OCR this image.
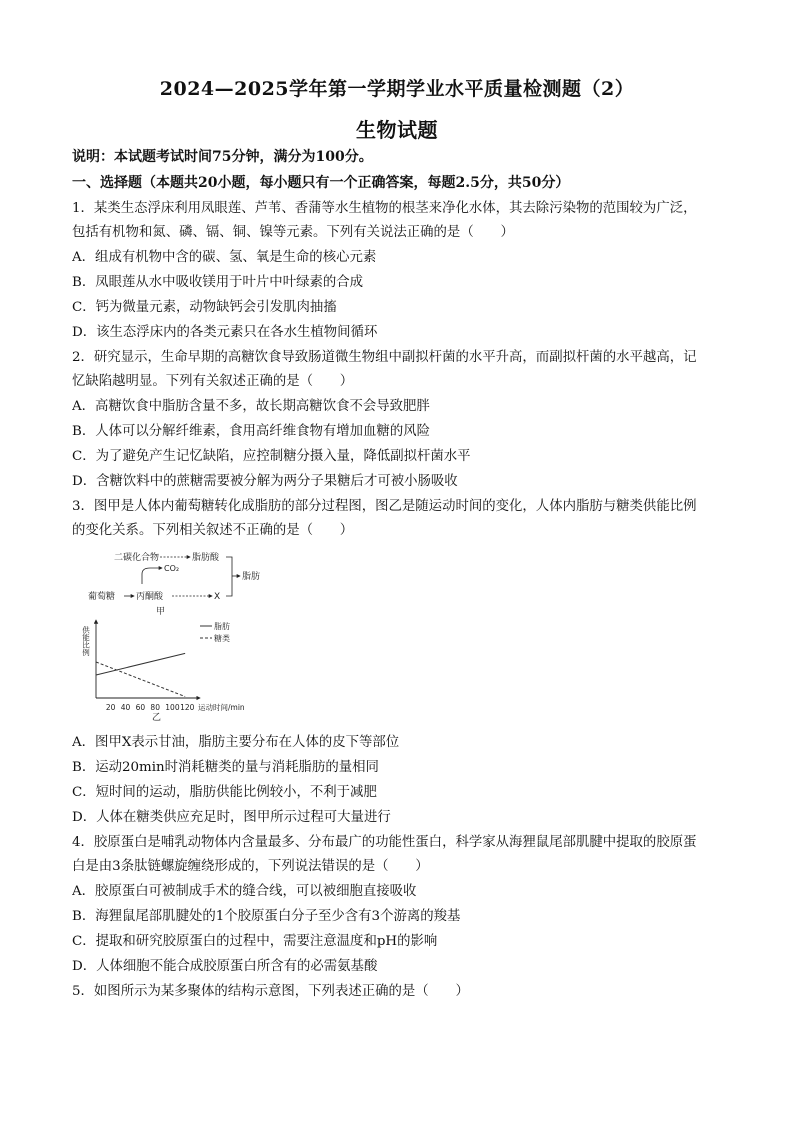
2024—2025学年第一学期学业水平质量检测题（2）
生物试题
说明：本试题考试时间75分钟，满分为100分。
一、选择题（本题共20小题，每小题只有一个正确答案，每题2.5分，共50分）
1．某类生态浮床利用凤眼莲、芦苇、香蒲等水生植物的根茎来净化水体，其去除污染物的范围较为广泛，
包括有机物和氮、磷、镉、铜、镍等元素。下列有关说法正确的是（　　）
A．组成有机物中含的碳、氢、氧是生命的核心元素
B．凤眼莲从水中吸收镁用于叶片中叶绿素的合成
C．钙为微量元素，动物缺钙会引发肌肉抽搐
D．该生态浮床内的各类元素只在各水生植物间循环
2．研究显示，生命早期的高糖饮食导致肠道微生物组中副拟杆菌的水平升高，而副拟杆菌的水平越高，记
忆缺陷越明显。下列有关叙述正确的是（　　）
A．高糖饮食中脂肪含量不多，故长期高糖饮食不会导致肥胖
B．人体可以分解纤维素，食用高纤维食物有增加血糖的风险
C．为了避免产生记忆缺陷，应控制糖分摄入量，降低副拟杆菌水平
D．含糖饮料中的蔗糖需要被分解为两分子果糖后才可被小肠吸收
3．图甲是人体内葡萄糖转化成脂肪的部分过程图，图乙是随运动时间的变化，人体内脂肪与糖类供能比例
的变化关系。下列相关叙述不正确的是（　　）
二碳化合物	脂肪酸
CO₂
脂肪
葡萄糖 丙酮酸	X
甲
供能比例
20 40 60 80 100 120 运动时间/min
脂肪
糖类
乙
A．图甲X表示甘油，脂肪主要分布在人体的皮下等部位
B．运动20min时消耗糖类的量与消耗脂肪的量相同
C．短时间的运动，脂肪供能比例较小，不利于减肥
D．人体在糖类供应充足时，图甲所示过程可大量进行
4．胶原蛋白是哺乳动物体内含量最多、分布最广的功能性蛋白，科学家从海狸鼠尾部肌腱中提取的胶原蛋
白是由3条肽链螺旋缠绕形成的，下列说法错误的是（　　）
A．胶原蛋白可被制成手术的缝合线，可以被细胞直接吸收
B．海狸鼠尾部肌腱处的1个胶原蛋白分子至少含有3个游离的羧基
C．提取和研究胶原蛋白的过程中，需要注意温度和pH的影响
D．人体细胞不能合成胶原蛋白所含有的必需氨基酸
5．如图所示为某多聚体的结构示意图，下列表述正确的是（　　）
